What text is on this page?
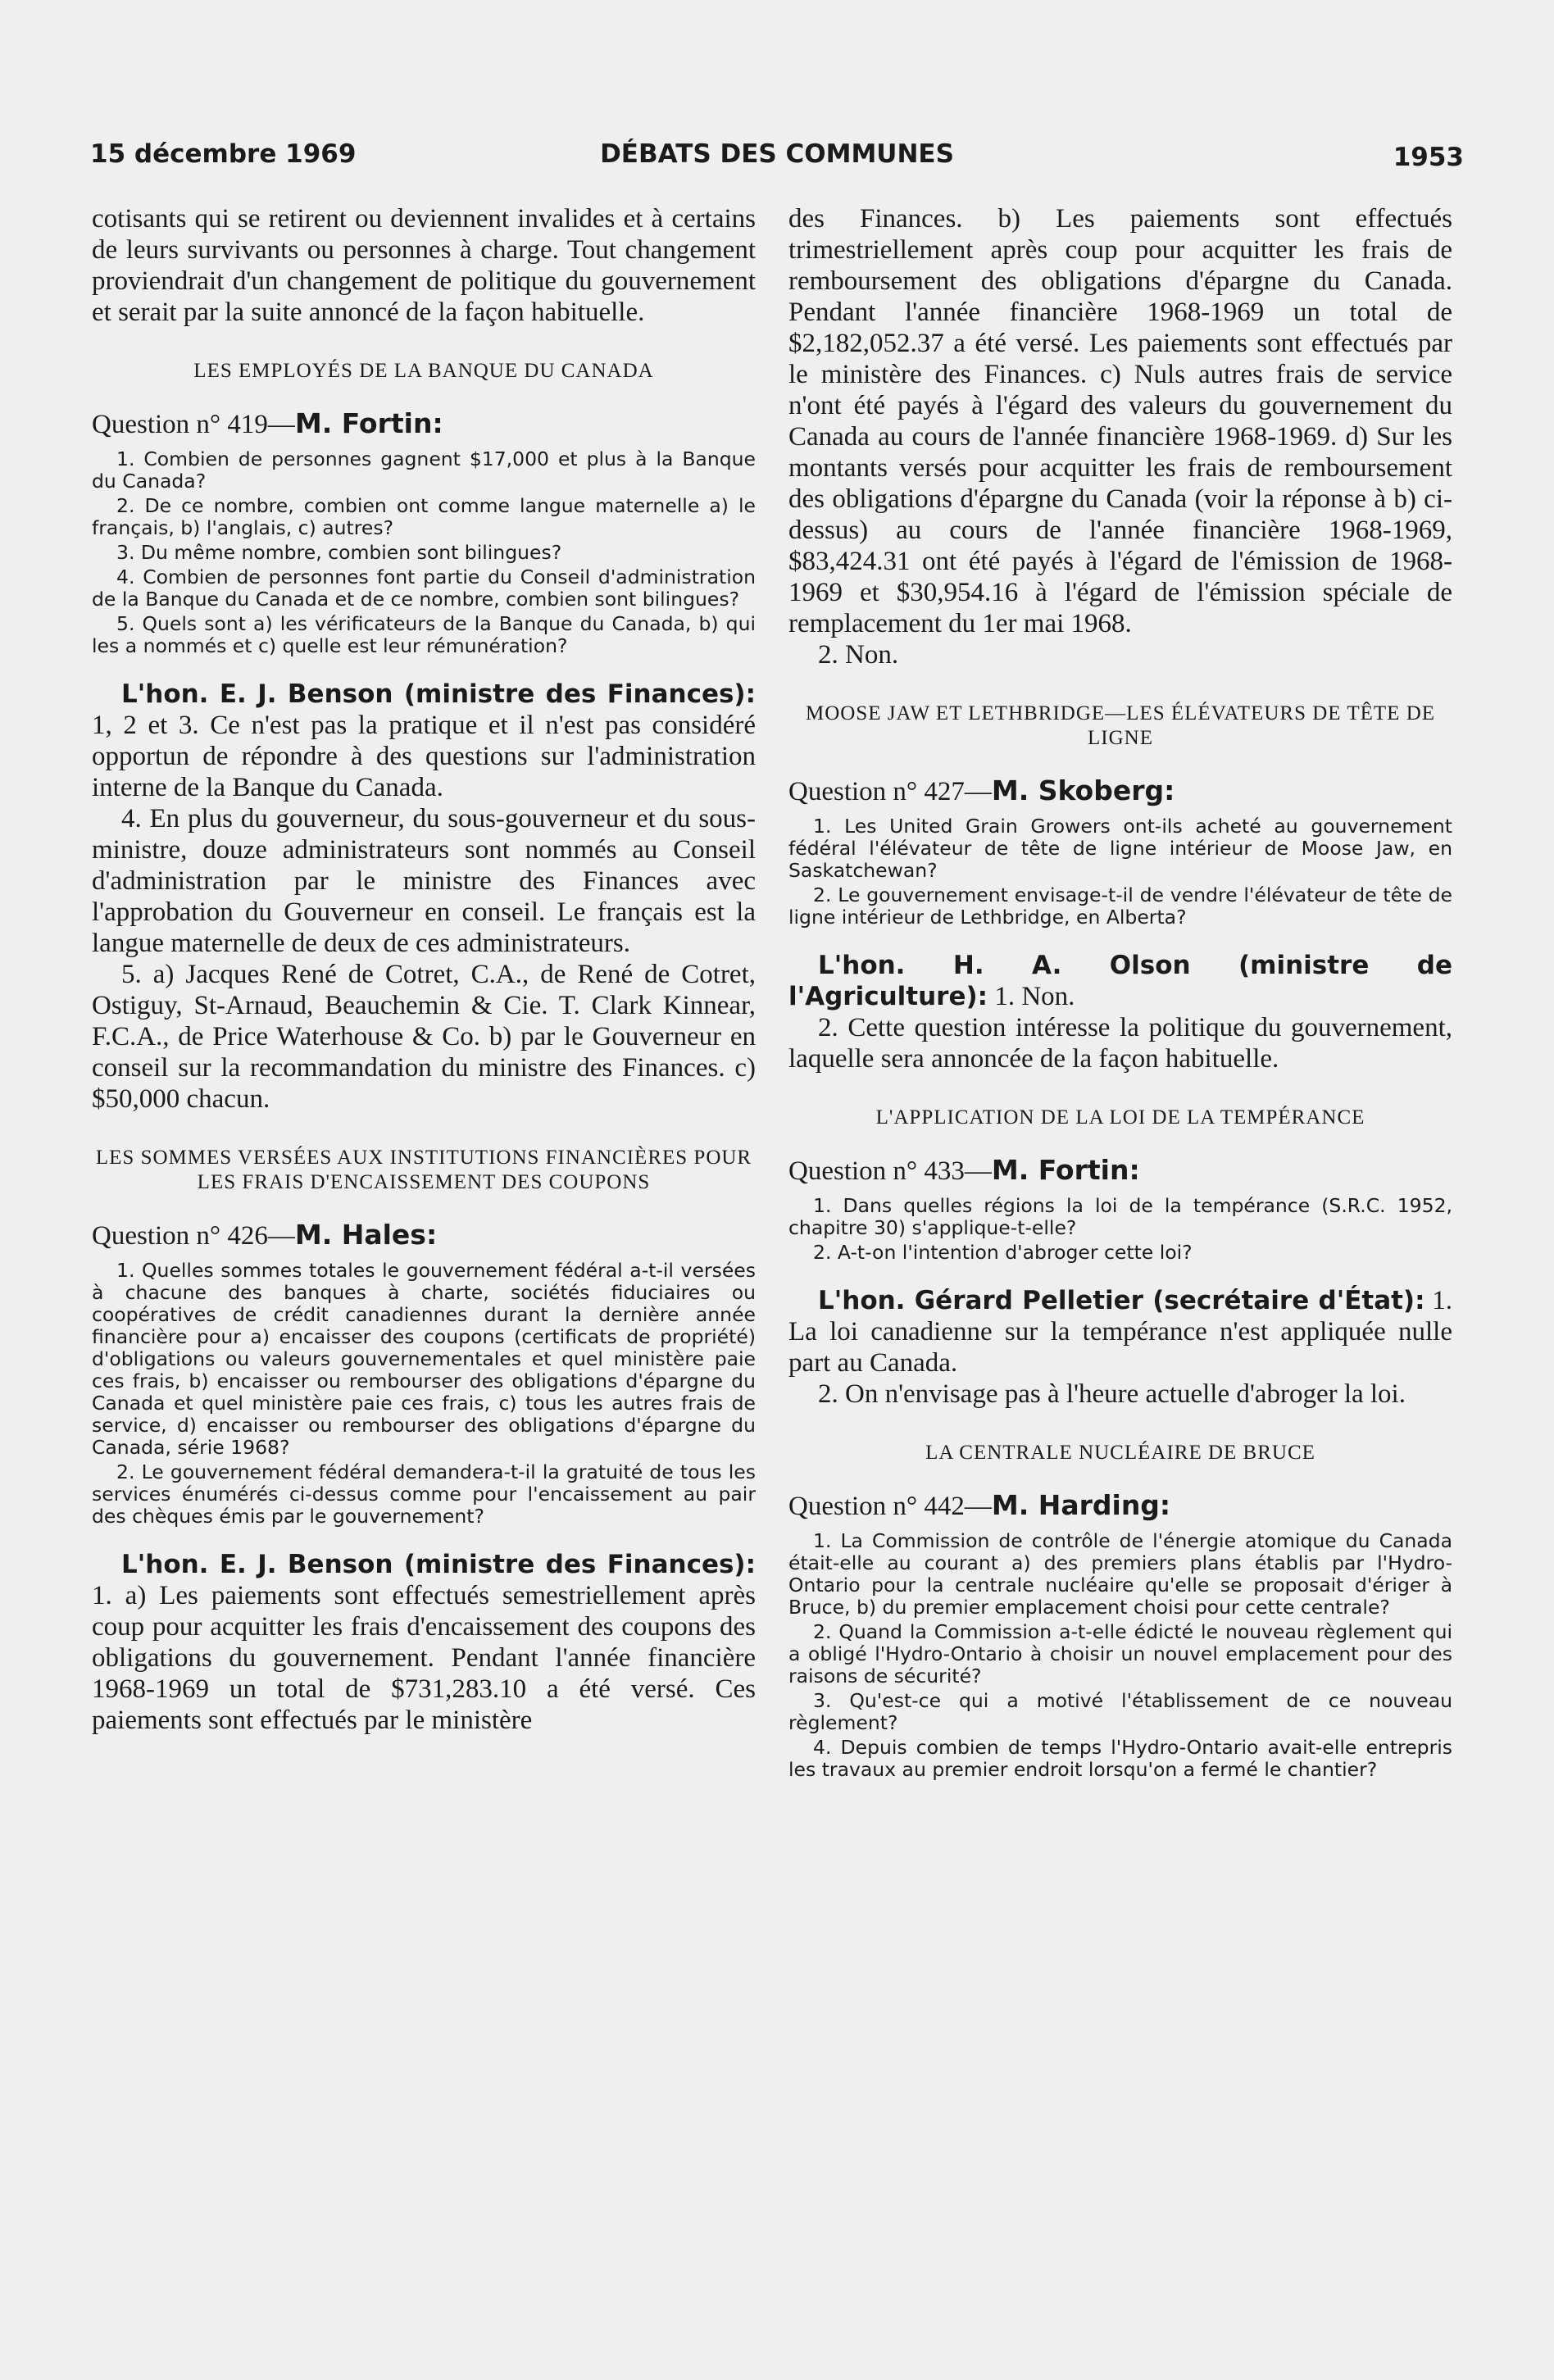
15 décembre 1969	DÉBATS DES COMMUNES	1953

cotisants qui se retirent ou deviennent invalides et à certains de leurs survivants ou personnes à charge. Tout changement proviendrait d'un changement de politique du gouvernement et serait par la suite annoncé de la façon habituelle.

LES EMPLOYÉS DE LA BANQUE DU CANADA
Question n° 419—M. Fortin:

1. Combien de personnes gagnent $17,000 et plus à la Banque du Canada?

2. De ce nombre, combien ont comme langue maternelle a) le français, b) l'anglais, c) autres?

3. Du même nombre, combien sont bilingues?

4. Combien de personnes font partie du Conseil d'administration de la Banque du Canada et de ce nombre, combien sont bilingues?

5. Quels sont a) les vérificateurs de la Banque du Canada, b) qui les a nommés et c) quelle est leur rémunération?

L'hon. E. J. Benson (ministre des Finances): 1, 2 et 3. Ce n'est pas la pratique et il n'est pas considéré opportun de répondre à des questions sur l'administration interne de la Banque du Canada.

4. En plus du gouverneur, du sous-gouverneur et du sous-ministre, douze administrateurs sont nommés au Conseil d'administration par le ministre des Finances avec l'approbation du Gouverneur en conseil. Le français est la langue maternelle de deux de ces administrateurs.

5. a) Jacques René de Cotret, C.A., de René de Cotret, Ostiguy, St-Arnaud, Beauchemin & Cie. T. Clark Kinnear, F.C.A., de Price Waterhouse & Co. b) par le Gouverneur en conseil sur la recommandation du ministre des Finances. c) $50,000 chacun.

LES SOMMES VERSÉES AUX INSTITUTIONS FINANCIÈRES POUR LES FRAIS D'ENCAISSEMENT DES COUPONS
Question n° 426—M. Hales:

1. Quelles sommes totales le gouvernement fédéral a-t-il versées à chacune des banques à charte, sociétés fiduciaires ou coopératives de crédit canadiennes durant la dernière année financière pour a) encaisser des coupons (certificats de propriété) d'obligations ou valeurs gouvernementales et quel ministère paie ces frais, b) encaisser ou rembourser des obligations d'épargne du Canada et quel ministère paie ces frais, c) tous les autres frais de service, d) encaisser ou rembourser des obligations d'épargne du Canada, série 1968?

2. Le gouvernement fédéral demandera-t-il la gratuité de tous les services énumérés ci-dessus comme pour l'encaissement au pair des chèques émis par le gouvernement?

L'hon. E. J. Benson (ministre des Finances): 1. a) Les paiements sont effectués semestriellement après coup pour acquitter les frais d'encaissement des coupons des obligations du gouvernement. Pendant l'année financière 1968-1969 un total de $731,283.10 a été versé. Ces paiements sont effectués par le ministère

des Finances. b) Les paiements sont effectués trimestriellement après coup pour acquitter les frais de remboursement des obligations d'épargne du Canada. Pendant l'année financière 1968-1969 un total de $2,182,052.37 a été versé. Les paiements sont effectués par le ministère des Finances. c) Nuls autres frais de service n'ont été payés à l'égard des valeurs du gouvernement du Canada au cours de l'année financière 1968-1969. d) Sur les montants versés pour acquitter les frais de remboursement des obligations d'épargne du Canada (voir la réponse à b) ci-dessus) au cours de l'année financière 1968-1969, $83,424.31 ont été payés à l'égard de l'émission de 1968-1969 et $30,954.16 à l'égard de l'émission spéciale de remplacement du 1er mai 1968.

2. Non.

MOOSE JAW ET LETHBRIDGE—LES ÉLÉVATEURS DE TÊTE DE LIGNE
Question n° 427—M. Skoberg:

1. Les United Grain Growers ont-ils acheté au gouvernement fédéral l'élévateur de tête de ligne intérieur de Moose Jaw, en Saskatchewan?

2. Le gouvernement envisage-t-il de vendre l'élévateur de tête de ligne intérieur de Lethbridge, en Alberta?

L'hon. H. A. Olson (ministre de l'Agriculture): 1. Non.

2. Cette question intéresse la politique du gouvernement, laquelle sera annoncée de la façon habituelle.

L'APPLICATION DE LA LOI DE LA TEMPÉRANCE
Question n° 433—M. Fortin:

1. Dans quelles régions la loi de la tempérance (S.R.C. 1952, chapitre 30) s'applique-t-elle?

2. A-t-on l'intention d'abroger cette loi?

L'hon. Gérard Pelletier (secrétaire d'État): 1. La loi canadienne sur la tempérance n'est appliquée nulle part au Canada.

2. On n'envisage pas à l'heure actuelle d'abroger la loi.

LA CENTRALE NUCLÉAIRE DE BRUCE
Question n° 442—M. Harding:

1. La Commission de contrôle de l'énergie atomique du Canada était-elle au courant a) des premiers plans établis par l'Hydro-Ontario pour la centrale nucléaire qu'elle se proposait d'ériger à Bruce, b) du premier emplacement choisi pour cette centrale?

2. Quand la Commission a-t-elle édicté le nouveau règlement qui a obligé l'Hydro-Ontario à choisir un nouvel emplacement pour des raisons de sécurité?

3. Qu'est-ce qui a motivé l'établissement de ce nouveau règlement?

4. Depuis combien de temps l'Hydro-Ontario avait-elle entrepris les travaux au premier endroit lorsqu'on a fermé le chantier?
